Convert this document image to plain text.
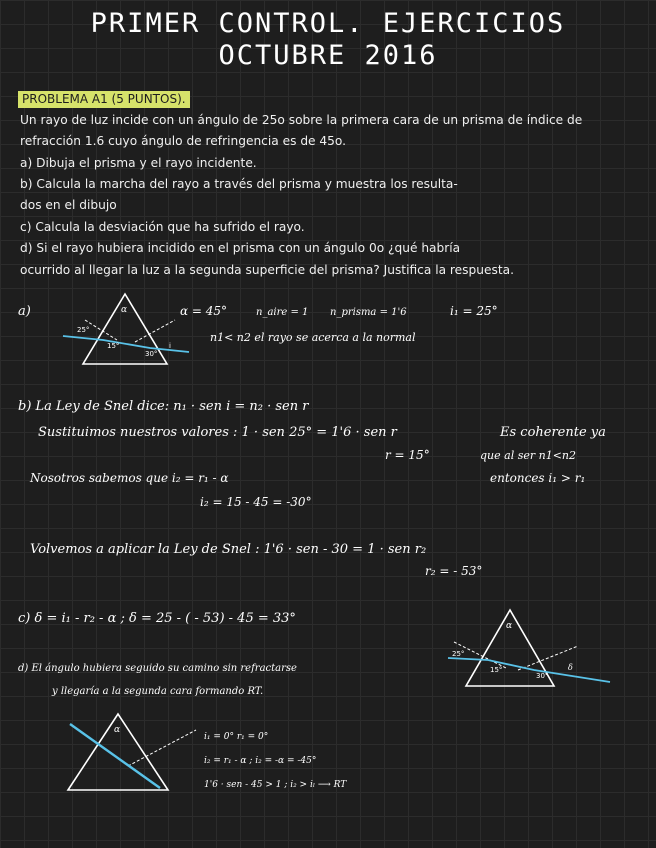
PRIMER CONTROL. EJERCICIOS
OCTUBRE 2016
PROBLEMA A1 (5 PUNTOS).
Un rayo de luz incide con un ángulo de 25o sobre la primera cara de un prisma de índice de
refracción 1.6 cuyo ángulo de refringencia es de 45o.
a) Dibuja el prisma y el rayo incidente.
b) Calcula la marcha del rayo a través del prisma y muestra los resulta-
dos en el dibujo
c) Calcula la desviación que ha sufrido el rayo.
d) Si el rayo hubiera incidido en el prisma con un ángulo 0o ¿qué habría
ocurrido al llegar la luz a la segunda superficie del prisma? Justifica la respuesta.
a)	α
25°
15°
30°
i
α = 45°	n_aire = 1 n_prisma = 1'6	i₁ = 25°
n1< n2 el rayo se acerca a la normal
b) La Ley de Snel dice: n₁ · sen i = n₂ · sen r
Sustituimos nuestros valores : 1 · sen 25° = 1'6 · sen r	Es coherente ya
r = 15°	que al ser n1<n2
Nosotros sabemos que i₂ = r₁ - α	entonces i₁ > r₁
i₂ = 15 - 45 = -30°
Volvemos a aplicar la Ley de Snel : 1'6 · sen - 30 = 1 · sen r₂
r₂ = - 53°
c) δ = i₁ - r₂ - α ; δ = 25 - ( - 53) - 45 = 33°	α
25°
15°
30°
δ
d) El ángulo hubiera seguido su camino sin refractarse
y llegaría a la segunda cara formando RT.
α
i₁ = 0° r₁ = 0°
i₂ = r₁ - α ; i₂ = -α = -45°
1'6 · sen - 45 > 1 ; i₂ > iₗ ⟶ RT
